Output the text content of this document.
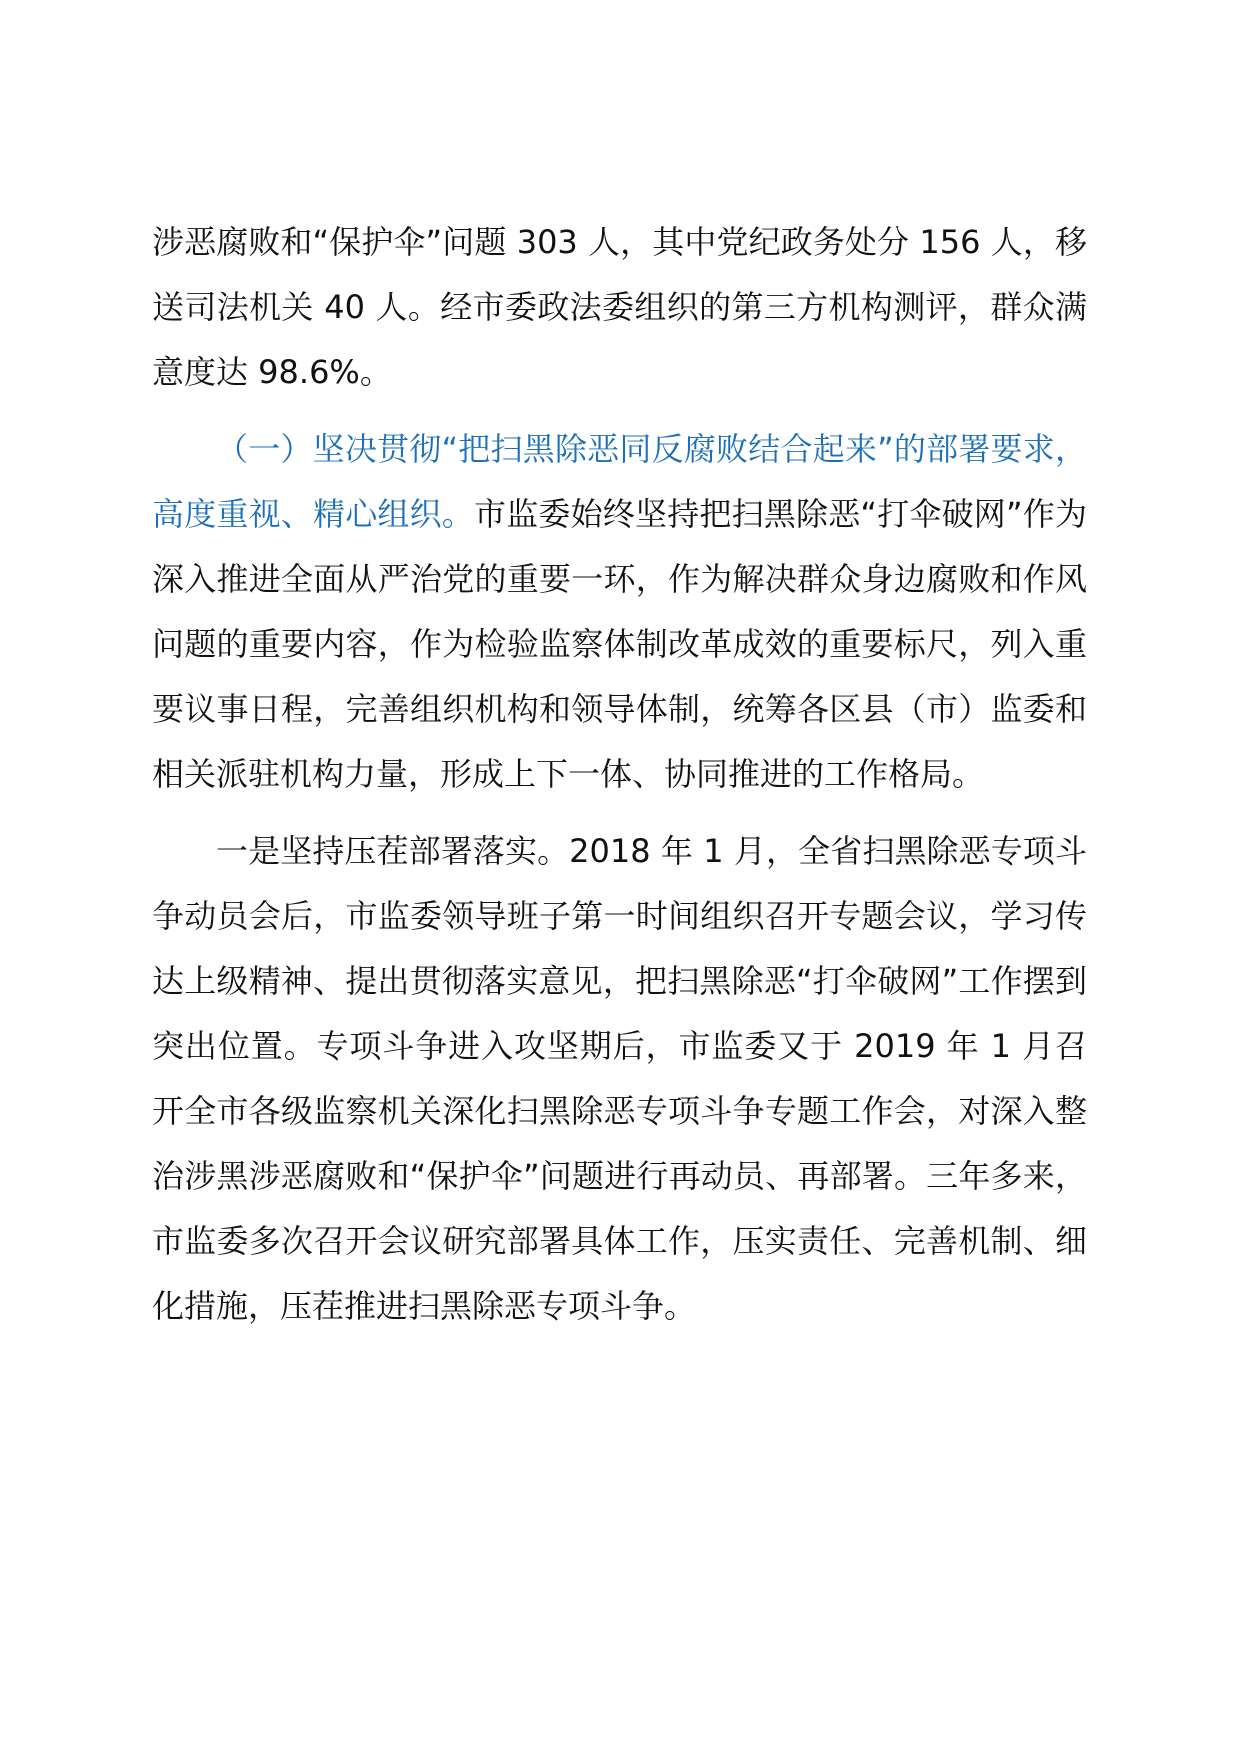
涉恶腐败和“保护伞”问题 303 人，其中党纪政务处分 156 人，移送司法机关 40 人。经市委政法委组织的第三方机构测评，群众满意度达 98.6%。

（一）坚决贯彻“把扫黑除恶同反腐败结合起来”的部署要求，高度重视、精心组织。市监委始终坚持把扫黑除恶“打伞破网”作为深入推进全面从严治党的重要一环，作为解决群众身边腐败和作风问题的重要内容，作为检验监察体制改革成效的重要标尺，列入重要议事日程，完善组织机构和领导体制，统筹各区县（市）监委和相关派驻机构力量，形成上下一体、协同推进的工作格局。

一是坚持压茬部署落实。2018 年 1 月，全省扫黑除恶专项斗争动员会后，市监委领导班子第一时间组织召开专题会议，学习传达上级精神、提出贯彻落实意见，把扫黑除恶“打伞破网”工作摆到突出位置。专项斗争进入攻坚期后，市监委又于 2019 年 1 月召开全市各级监察机关深化扫黑除恶专项斗争专题工作会，对深入整治涉黑涉恶腐败和“保护伞”问题进行再动员、再部署。三年多来，市监委多次召开会议研究部署具体工作，压实责任、完善机制、细化措施，压茬推进扫黑除恶专项斗争。
